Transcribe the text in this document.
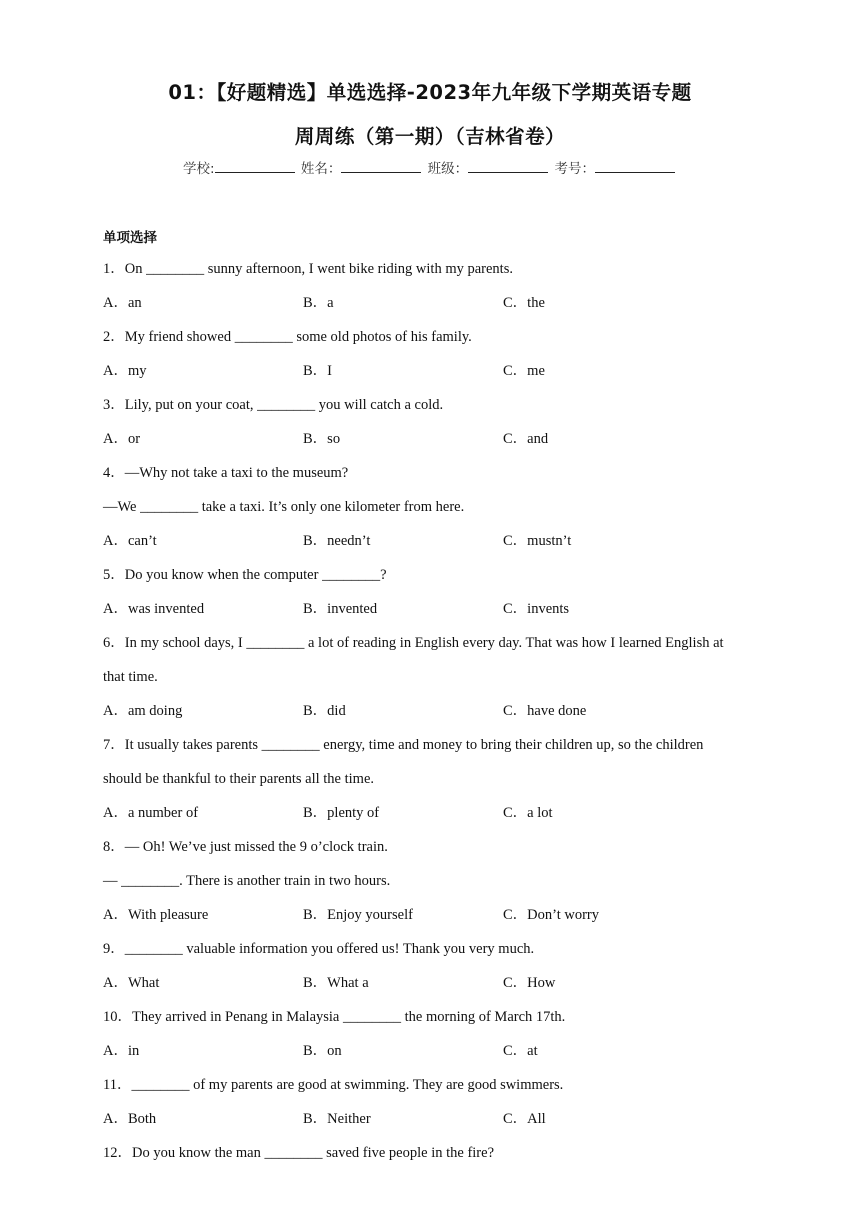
01：【好题精选】单选选择-2023年九年级下学期英语专题
周周练（第一期）（吉林省卷）
学校:	姓名：	班级：	考号：
单项选择
1．On ________ sunny afternoon, I went bike riding with my parents.
A．an	B．a	C．the
2．My friend showed ________ some old photos of his family.
A．my	B．I	C．me
3．Lily, put on your coat, ________ you will catch a cold.
A．or	B．so	C．and
4．—Why not take a taxi to the museum?
—We ________ take a taxi. It’s only one kilometer from here.
A．can’t	B．needn’t	C．mustn’t
5．Do you know when the computer ________?
A．was invented	B．invented	C．invents
6．In my school days, I ________ a lot of reading in English every day. That was how I learned English at
that time.
A．am doing	B．did	C．have done
7．It usually takes parents ________ energy, time and money to bring their children up, so the children
should be thankful to their parents all the time.
A．a number of	B．plenty of	C．a lot
8．— Oh! We’ve just missed the 9 o’clock train.
— ________. There is another train in two hours.
A．With pleasure	B．Enjoy yourself	C．Don’t worry
9．________ valuable information you offered us! Thank you very much.
A．What	B．What a	C．How
10．They arrived in Penang in Malaysia ________ the morning of March 17th.
A．in	B．on	C．at
11．________ of my parents are good at swimming. They are good swimmers.
A．Both	B．Neither	C．All
12．Do you know the man ________ saved five people in the fire?
